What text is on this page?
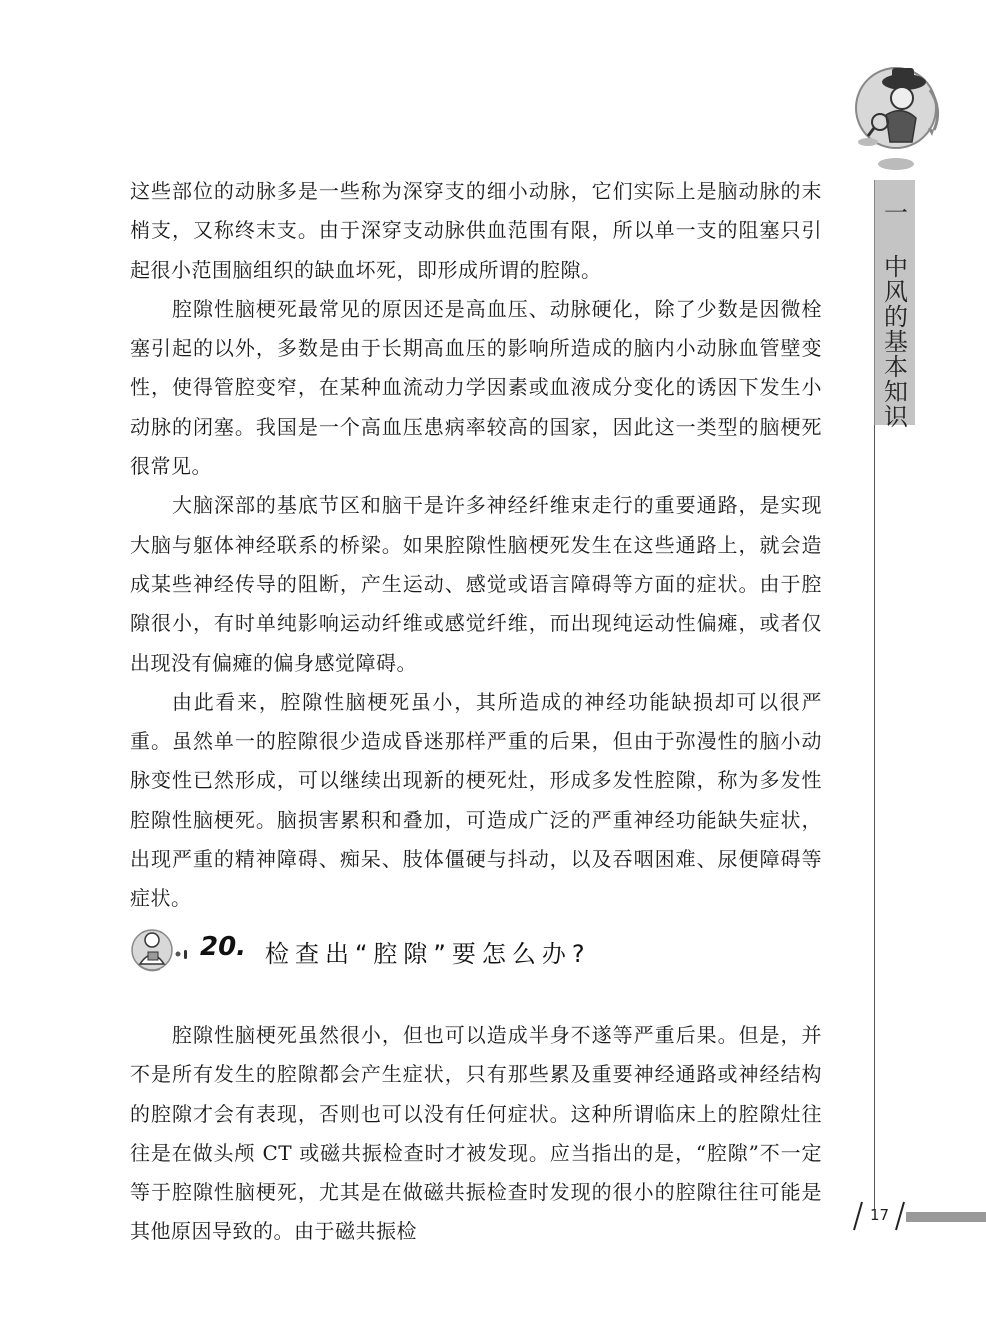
一 中风的基本知识

这些部位的动脉多是一些称为深穿支的细小动脉，它们实际上是脑动脉的末梢支，又称终末支。由于深穿支动脉供血范围有限，所以单一支的阻塞只引起很小范围脑组织的缺血坏死，即形成所谓的腔隙。

腔隙性脑梗死最常见的原因还是高血压、动脉硬化，除了少数是因微栓塞引起的以外，多数是由于长期高血压的影响所造成的脑内小动脉血管壁变性，使得管腔变窄，在某种血流动力学因素或血液成分变化的诱因下发生小动脉的闭塞。我国是一个高血压患病率较高的国家，因此这一类型的脑梗死很常见。

大脑深部的基底节区和脑干是许多神经纤维束走行的重要通路，是实现大脑与躯体神经联系的桥梁。如果腔隙性脑梗死发生在这些通路上，就会造成某些神经传导的阻断，产生运动、感觉或语言障碍等方面的症状。由于腔隙很小，有时单纯影响运动纤维或感觉纤维，而出现纯运动性偏瘫，或者仅出现没有偏瘫的偏身感觉障碍。

由此看来，腔隙性脑梗死虽小，其所造成的神经功能缺损却可以很严重。虽然单一的腔隙很少造成昏迷那样严重的后果，但由于弥漫性的脑小动脉变性已然形成，可以继续出现新的梗死灶，形成多发性腔隙，称为多发性腔隙性脑梗死。脑损害累积和叠加，可造成广泛的严重神经功能缺失症状，出现严重的精神障碍、痴呆、肢体僵硬与抖动，以及吞咽困难、尿便障碍等症状。

20. 检查出“腔隙”要怎么办?

腔隙性脑梗死虽然很小，但也可以造成半身不遂等严重后果。但是，并不是所有发生的腔隙都会产生症状，只有那些累及重要神经通路或神经结构的腔隙才会有表现，否则也可以没有任何症状。这种所谓临床上的腔隙灶往往是在做头颅 CT 或磁共振检查时才被发现。应当指出的是，“腔隙”不一定等于腔隙性脑梗死，尤其是在做磁共振检查时发现的很小的腔隙往往可能是其他原因导致的。由于磁共振检

17
